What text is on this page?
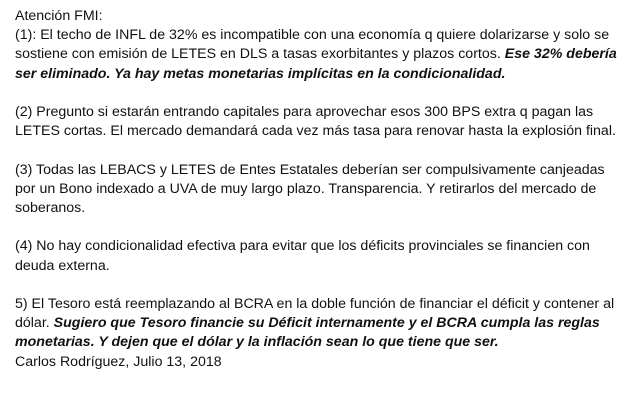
Atención FMI:

(1): El techo de INFL de 32% es incompatible con una economía q quiere dolarizarse y solo se sostiene con emisión de LETES en DLS a tasas exorbitantes y plazos cortos. Ese 32% debería ser eliminado. Ya hay metas monetarias implícitas en la condicionalidad.

(2) Pregunto si estarán entrando capitales para aprovechar esos 300 BPS extra q pagan las LETES cortas. El mercado demandará cada vez más tasa para renovar hasta la explosión final.

(3) Todas las LEBACS y LETES de Entes Estatales deberían ser compulsivamente canjeadas por un Bono indexado a UVA de muy largo plazo. Transparencia. Y retirarlos del mercado de soberanos.

(4) No hay condicionalidad efectiva para evitar que los déficits provinciales se financien con deuda externa.

5) El Tesoro está reemplazando al BCRA en la doble función de financiar el déficit y contener al dólar. Sugiero que Tesoro financie su Déficit internamente y el BCRA cumpla las reglas monetarias. Y dejen que el dólar y la inflación sean lo que tiene que ser.

Carlos Rodríguez, Julio 13, 2018
